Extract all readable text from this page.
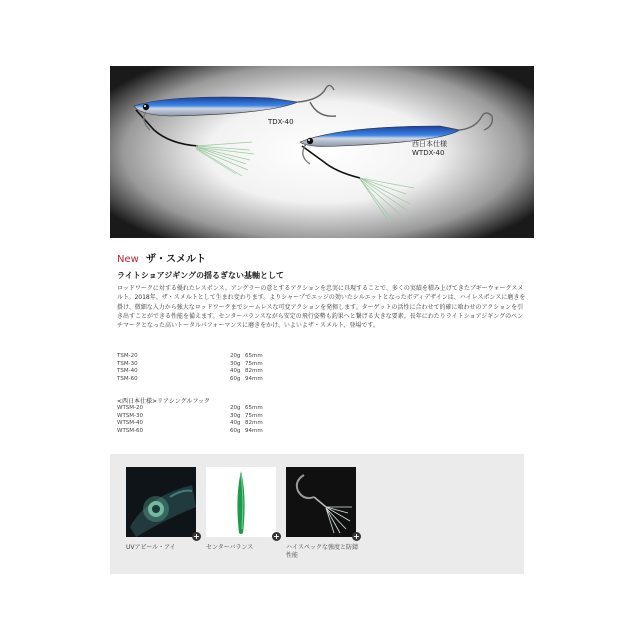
TDX-40
西日本仕様
WTDX-40
New ザ・スメルト
ライトショアジギングの揺るぎない基軸として
ロッドワークに対する優れたレスポンス。アングラーの意とするアクションを忠実に具現することで、多くの実績を積み上げてきたブギーウォークスメルト。2018年、ザ・スメルトとして生まれ変わります。よりシャープでエッジの効いたシルエットとなったボディデザインは、ハイレスポンスに磨きを掛け、微細な入力から強大なロッドワークまでシームレスな可変アクションを発揮します。ターゲットの活性に合わせて的確に喰わせのアクションを引き出すことができる性能を備えます。センターバランスながら安定の飛行姿勢も釣果へと繋げる大きな要素。長年にわたりライトショアジギングのベンチマークとなった高いトータルパフォーマンスに磨きをかけ、いよいよザ・スメルト、登場です。
TSM-20	20g 65mm
TSM-30	30g 75mm
TSM-40	40g 82mm
TSM-60	60g 94mm
<西日本仕様>リアシングルフック
WTSM-20	20g 65mm
WTSM-30	30g 75mm
WTSM-40	40g 82mm
WTSM-60	60g 94mm
+
UVアピール・アイ
+
センターバランス
+
ハイスペックな強度と防錆性能
